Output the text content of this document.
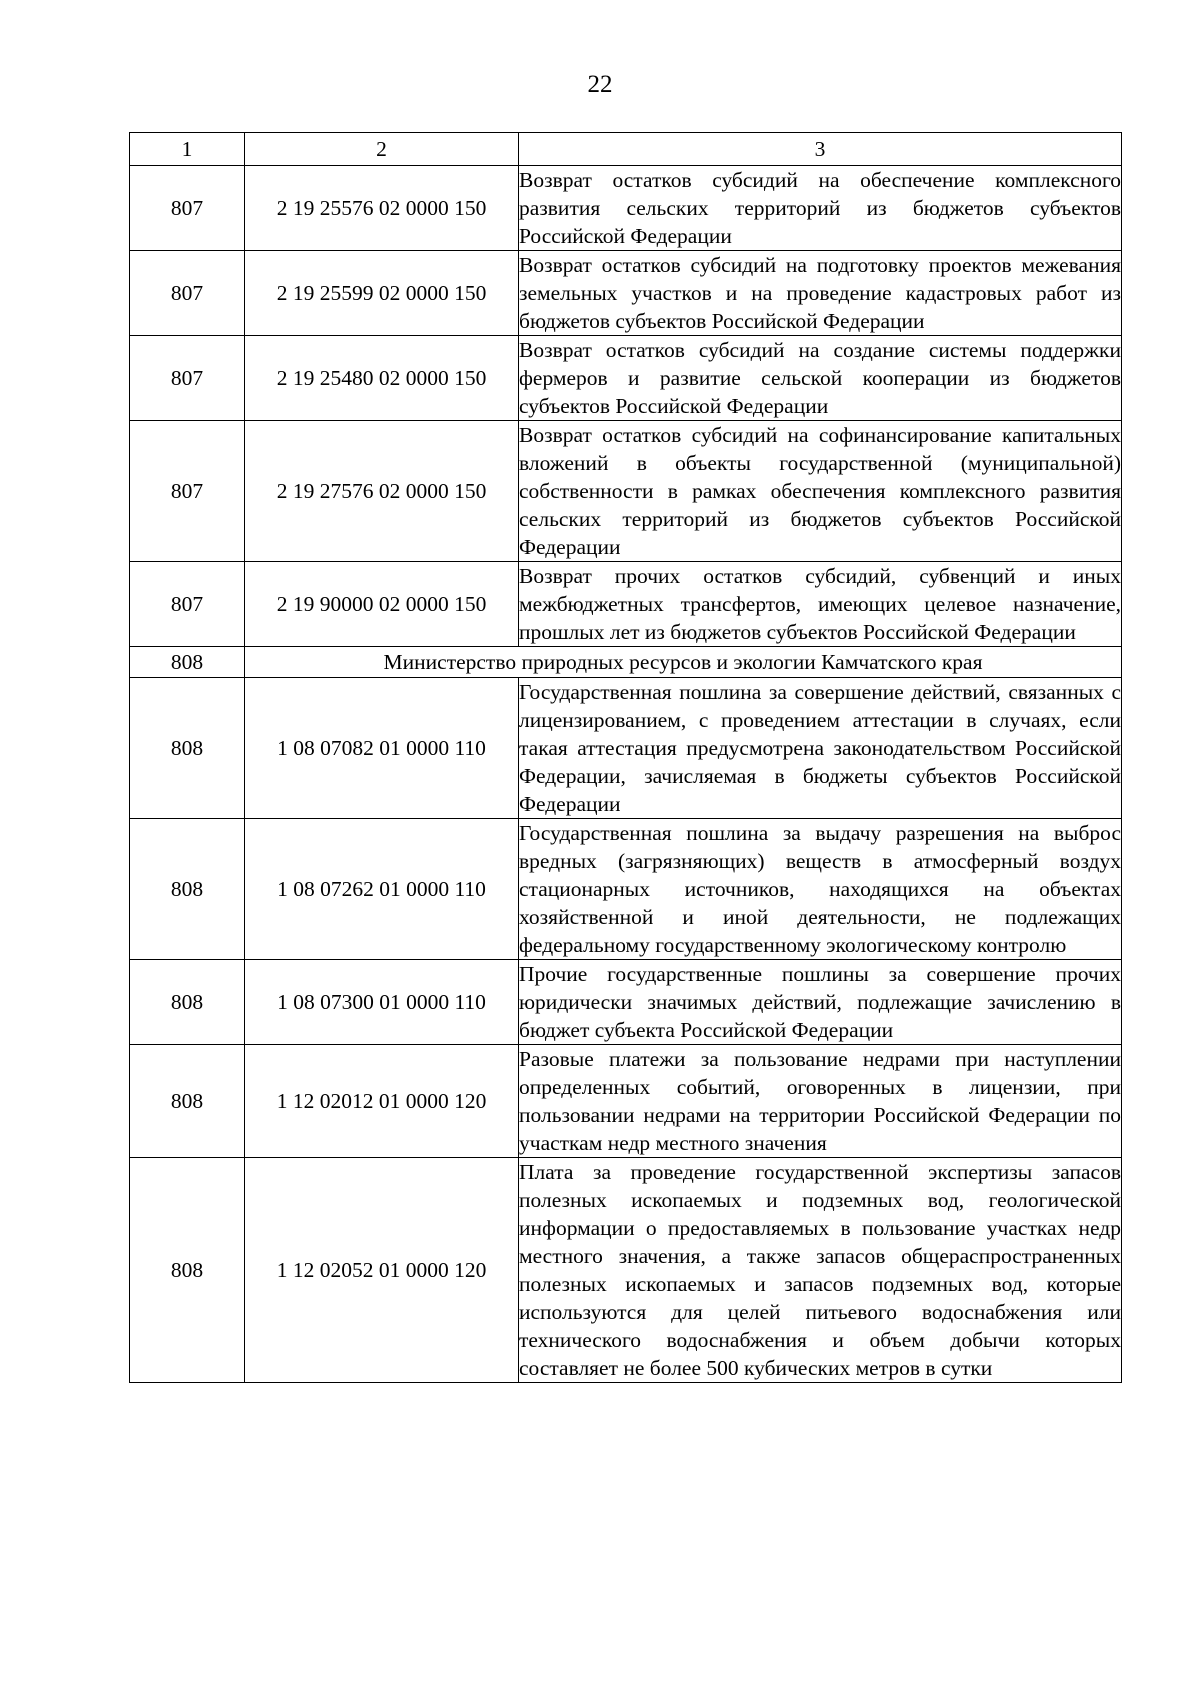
22
1	2	3
807	2 19 25576 02 0000 150	Возврат остатков субсидий на обеспечение комплексного развития сельских территорий из бюджетов субъектов Российской Федерации
807	2 19 25599 02 0000 150	Возврат остатков субсидий на подготовку проектов межевания земельных участков и на проведение кадастровых работ из бюджетов субъектов Российской Федерации
807	2 19 25480 02 0000 150	Возврат остатков субсидий на создание системы поддержки фермеров и развитие сельской кооперации из бюджетов субъектов Российской Федерации
807	2 19 27576 02 0000 150	Возврат остатков субсидий на софинансирование капитальных вложений в объекты государственной (муниципальной) собственности в рамках обеспечения комплексного развития сельских территорий из бюджетов субъектов Российской Федерации
807	2 19 90000 02 0000 150	Возврат прочих остатков субсидий, субвенций и иных межбюджетных трансфертов, имеющих целевое назначение, прошлых лет из бюджетов субъектов Российской Федерации
808	Министерство природных ресурсов и экологии Камчатского края	
808	1 08 07082 01 0000 110	Государственная пошлина за совершение действий, связанных с лицензированием, с проведением аттестации в случаях, если такая аттестация предусмотрена законодательством Российской Федерации, зачисляемая в бюджеты субъектов Российской Федерации
808	1 08 07262 01 0000 110	Государственная пошлина за выдачу разрешения на выброс вредных (загрязняющих) веществ в атмосферный воздух стационарных источников, находящихся на объектах хозяйственной и иной деятельности, не подлежащих федеральному государственному экологическому контролю
808	1 08 07300 01 0000 110	Прочие государственные пошлины за совершение прочих юридически значимых действий, подлежащие зачислению в бюджет субъекта Российской Федерации
808	1 12 02012 01 0000 120	Разовые платежи за пользование недрами при наступлении определенных событий, оговоренных в лицензии, при пользовании недрами на территории Российской Федерации по участкам недр местного значения
808	1 12 02052 01 0000 120	Плата за проведение государственной экспертизы запасов полезных ископаемых и подземных вод, геологической информации о предоставляемых в пользование участках недр местного значения, а также запасов общераспространенных полезных ископаемых и запасов подземных вод, которые используются для целей питьевого водоснабжения или технического водоснабжения и объем добычи которых составляет не более 500 кубических метров в сутки
